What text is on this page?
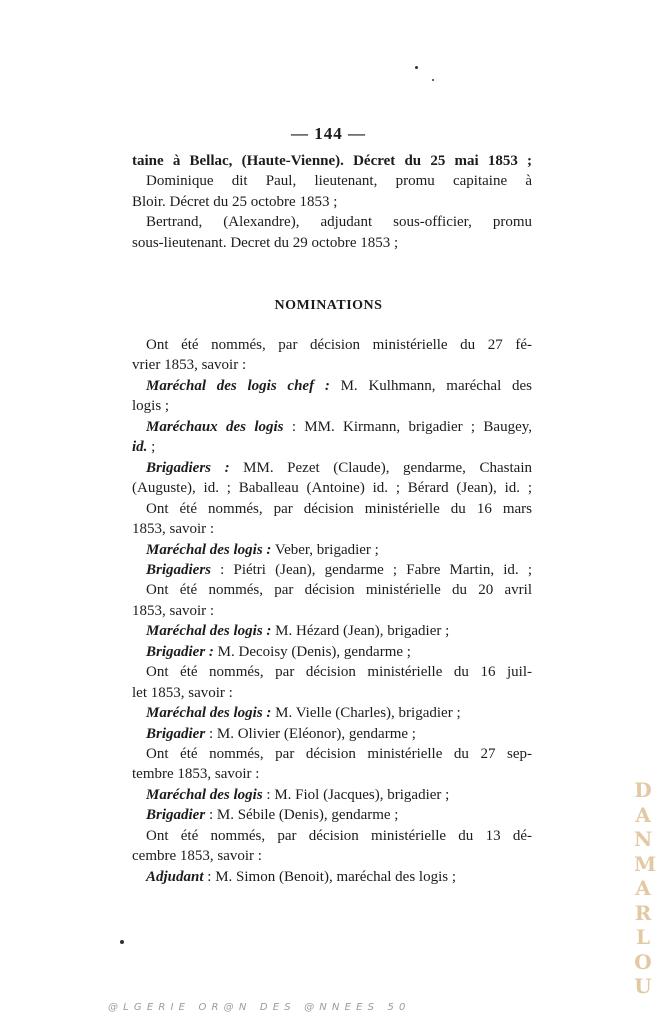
— 144 —
taine à Bellac, (Haute-Vienne). Décret du 25 mai 1853 ;
Dominique dit Paul, lieutenant, promu capitaine à
Bloir. Décret du 25 octobre 1853 ;
Bertrand, (Alexandre), adjudant sous-officier, promu
sous-lieutenant. Decret du 29 octobre 1853 ;
NOMINATIONS
Ont été nommés, par décision ministérielle du 27 fé-
vrier 1853, savoir :
Maréchal des logis chef : M. Kulhmann, maréchal des
logis ;
Maréchaux des logis : MM. Kirmann, brigadier ; Baugey,
id. ;
Brigadiers : MM. Pezet (Claude), gendarme, Chastain
(Auguste), id. ; Baballeau (Antoine) id. ; Bérard (Jean), id. ;
Ont été nommés, par décision ministérielle du 16 mars
1853, savoir :
Maréchal des logis : Veber, brigadier ;
Brigadiers : Piétri (Jean), gendarme ; Fabre Martin, id. ;
Ont été nommés, par décision ministérielle du 20 avril
1853, savoir :
Maréchal des logis : M. Hézard (Jean), brigadier ;
Brigadier : M. Decoisy (Denis), gendarme ;
Ont été nommés, par décision ministérielle du 16 juil-
let 1853, savoir :
Maréchal des logis : M. Vielle (Charles), brigadier ;
Brigadier : M. Olivier (Eléonor), gendarme ;
Ont été nommés, par décision ministérielle du 27 sep-
tembre 1853, savoir :
Maréchal des logis : M. Fiol (Jacques), brigadier ;
Brigadier : M. Sébile (Denis), gendarme ;
Ont été nommés, par décision ministérielle du 13 dé-
cembre 1853, savoir :
Adjudant : M. Simon (Benoit), maréchal des logis ;
D
A
N
M
A
R
L
O
U
@ L G E R I E   O R @ N   D E S   @ N N E E S   5 0
